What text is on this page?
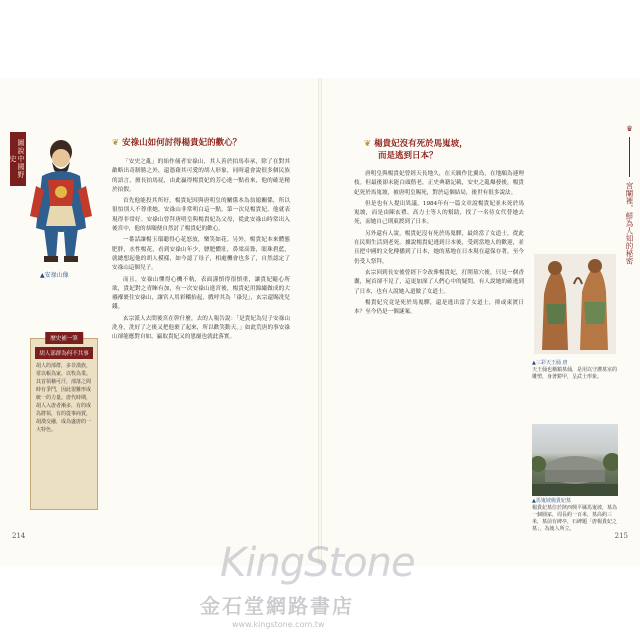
圖說中國野史
▲安祿山像
❦ 安祿山如何討得楊貴妃的歡心？

「安史之亂」的始作俑者安祿山，其人善於拍馬奉承，除了在對其敵略出奇制勝之外，還憑藉其可愛的胡人形象，同時還會說很多個民族的語言，擅長拍馬屁，由此贏得楊貴妃的芳心進一點看來，他的確是精於拍假。

首先他能投其所好，楊貴妃因與唐明皇的關係本為翁媳關係，所以很怕別人不尊重她，安祿山非常明白這一點，第一次見楊貴妃，他就表現得非常好。安祿山曾拜唐明皇與楊貴妃為父母，從此安祿山時常出入後宮中，他的恭順便自然討了楊貴妃的歡心。

一番話讓楊玉環聽得心花怒放，樂笑如花。另外，楊貴妃本來體態肥胖，水性楊花，看到安祿山年少，膘肥體壯，鼻梁高聳，眼珠碧藍，就總想起他的胡人模樣，如今認了母子，相處機會也多了，自然認定了安祿山這個兒子。

而且，安祿山懂得心機不軌，表面謹慎得很慎重，讓貴妃隨心所欲，貴妃對之青睞有加，有一次安祿山進宮後，楊貴妃用錦繡做成的大襁褓裹住安祿山，讓宮人用彩轎抬起，戲呼其為「祿兒」，玄宗還賜洗兒錢。

玄宗派人去問後宮在幹什麼，去的人報告說：「是貴妃為兒子安祿山洗身，洗好了之後又把他裹了起來，所以歡笑動天。」如此荒唐的事安祿山卻能應對自如，贏取貴妃又的恩寵也就此落實。

歷史補一筆
胡人部群為何不共事
胡人的部群，多非漢族，常以帳為家，以牧為業。其首領稱可汗，部落之間時有爭鬥，因此很難形成統一的力量。唐代時期，胡人入唐者漸多，有的成為將領，有的從事商賈，胡漢交融，成為盛唐的一大特色。
214
♛  宮闈裡，鮮為人知的秘密
❦ 楊貴妃沒有死於馬嵬坡，
而是逃到日本？

唐明皇與楊貴妃曾經天長地久，在天願作比翼鳥，在地願為連理枝。但最後卻未能白頭偕老，正史典籍記載，安史之亂爆發後，楊貴妃死於馬嵬坡，被唐明皇賜死，對於這個結局，後世有很多說法。

但是也有人提出異議，1984年有一篇文章說楊貴妃並未死於馬嵬坡，而是由陳玄禮、高力士等人的幫助，找了一名侍女代替她去死，而她自己則東渡到了日本。

另外還有人說，楊貴妃沒有死於馬嵬驛，最終當了女道士，從此在民間生活到老死。據說楊貴妃逃到日本後，受到當地人的歡迎，並且把中國的文化傳播到了日本，她的墓地在日本現在還保存著，至今仍受人祭拜。

玄宗回到長安後曾經下令改葬楊貴妃，打開墓穴後，只見一個香囊，屍首卻不見了，這更加深了人們心中的疑問，有人說她的確逃到了日本，也有人說她入道做了女道士。

楊貴妃究竟是死於馬嵬驛，還是逃出當了女道士，抑或東渡日本？至今仍是一個謎案。

▲三彩天王俑 唐
天王俑也稱鎮墓俑，是用以守護墓室的雕塑，身著鎧甲，呈武士形象。
▲馬嵬坡楊貴妃墓
楊貴妃墓位於陝西興平縣馬嵬坡，墓為一個圓冢，周長約一百米，墓高約三米，墓前有碑亭，石碑題「唐楊貴妃之墓」，為後人所立。
215
KingStone
金石堂網路書店
www.kingstone.com.tw
